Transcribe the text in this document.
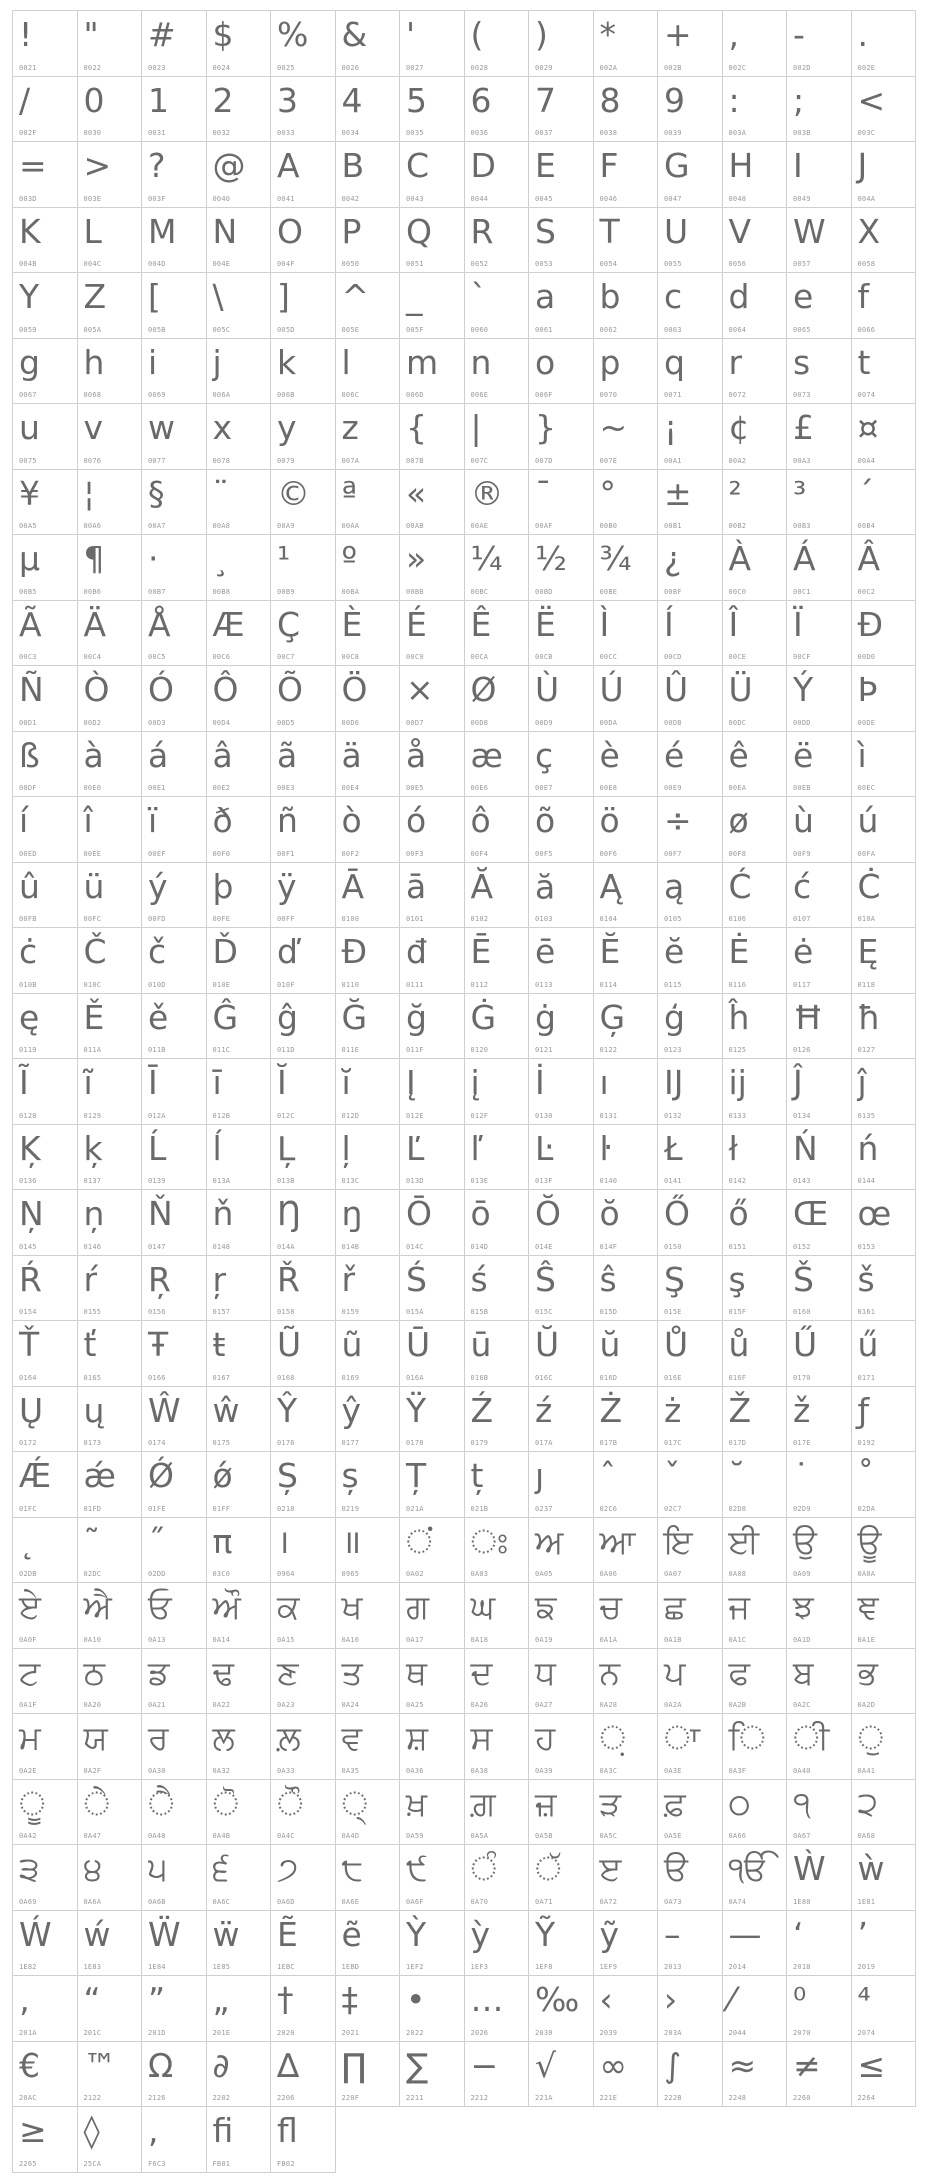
!
0021
"
0022
#
0023
$
0024
%
0025
&
0026
'
0027
(
0028
)
0029
*
002A
+
002B
,
002C
-
002D
.
002E
/
002F
0
0030
1
0031
2
0032
3
0033
4
0034
5
0035
6
0036
7
0037
8
0038
9
0039
:
003A
;
003B
<
003C
=
003D
>
003E
?
003F
@
0040
A
0041
B
0042
C
0043
D
0044
E
0045
F
0046
G
0047
H
0048
I
0049
J
004A
K
004B
L
004C
M
004D
N
004E
O
004F
P
0050
Q
0051
R
0052
S
0053
T
0054
U
0055
V
0056
W
0057
X
0058
Y
0059
Z
005A
[
005B
\
005C
]
005D
^
005E
_
005F
`
0060
a
0061
b
0062
c
0063
d
0064
e
0065
f
0066
g
0067
h
0068
i
0069
j
006A
k
006B
l
006C
m
006D
n
006E
o
006F
p
0070
q
0071
r
0072
s
0073
t
0074
u
0075
v
0076
w
0077
x
0078
y
0079
z
007A
{
007B
|
007C
}
007D
~
007E
¡
00A1
¢
00A2
£
00A3
¤
00A4
¥
00A5
¦
00A6
§
00A7
¨
00A8
©
00A9
ª
00AA
«
00AB
®
00AE
¯
00AF
°
00B0
±
00B1
²
00B2
³
00B3
´
00B4
µ
00B5
¶
00B6
·
00B7
¸
00B8
¹
00B9
º
00BA
»
00BB
¼
00BC
½
00BD
¾
00BE
¿
00BF
À
00C0
Á
00C1
Â
00C2
Ã
00C3
Ä
00C4
Å
00C5
Æ
00C6
Ç
00C7
È
00C8
É
00C9
Ê
00CA
Ë
00CB
Ì
00CC
Í
00CD
Î
00CE
Ï
00CF
Ð
00D0
Ñ
00D1
Ò
00D2
Ó
00D3
Ô
00D4
Õ
00D5
Ö
00D6
×
00D7
Ø
00D8
Ù
00D9
Ú
00DA
Û
00DB
Ü
00DC
Ý
00DD
Þ
00DE
ß
00DF
à
00E0
á
00E1
â
00E2
ã
00E3
ä
00E4
å
00E5
æ
00E6
ç
00E7
è
00E8
é
00E9
ê
00EA
ë
00EB
ì
00EC
í
00ED
î
00EE
ï
00EF
ð
00F0
ñ
00F1
ò
00F2
ó
00F3
ô
00F4
õ
00F5
ö
00F6
÷
00F7
ø
00F8
ù
00F9
ú
00FA
û
00FB
ü
00FC
ý
00FD
þ
00FE
ÿ
00FF
Ā
0100
ā
0101
Ă
0102
ă
0103
Ą
0104
ą
0105
Ć
0106
ć
0107
Ċ
010A
ċ
010B
Č
010C
č
010D
Ď
010E
ď
010F
Đ
0110
đ
0111
Ē
0112
ē
0113
Ĕ
0114
ĕ
0115
Ė
0116
ė
0117
Ę
0118
ę
0119
Ě
011A
ě
011B
Ĝ
011C
ĝ
011D
Ğ
011E
ğ
011F
Ġ
0120
ġ
0121
Ģ
0122
ģ
0123
ĥ
0125
Ħ
0126
ħ
0127
Ĩ
0128
ĩ
0129
Ī
012A
ī
012B
Ĭ
012C
ĭ
012D
Į
012E
į
012F
İ
0130
ı
0131
Ĳ
0132
ĳ
0133
Ĵ
0134
ĵ
0135
Ķ
0136
ķ
0137
Ĺ
0139
ĺ
013A
Ļ
013B
ļ
013C
Ľ
013D
ľ
013E
Ŀ
013F
ŀ
0140
Ł
0141
ł
0142
Ń
0143
ń
0144
Ņ
0145
ņ
0146
Ň
0147
ň
0148
Ŋ
014A
ŋ
014B
Ō
014C
ō
014D
Ŏ
014E
ŏ
014F
Ő
0150
ő
0151
Œ
0152
œ
0153
Ŕ
0154
ŕ
0155
Ŗ
0156
ŗ
0157
Ř
0158
ř
0159
Ś
015A
ś
015B
Ŝ
015C
ŝ
015D
Ş
015E
ş
015F
Š
0160
š
0161
Ť
0164
ť
0165
Ŧ
0166
ŧ
0167
Ũ
0168
ũ
0169
Ū
016A
ū
016B
Ŭ
016C
ŭ
016D
Ů
016E
ů
016F
Ű
0170
ű
0171
Ų
0172
ų
0173
Ŵ
0174
ŵ
0175
Ŷ
0176
ŷ
0177
Ÿ
0178
Ź
0179
ź
017A
Ż
017B
ż
017C
Ž
017D
ž
017E
ƒ
0192
Ǽ
01FC
ǽ
01FD
Ǿ
01FE
ǿ
01FF
Ș
0218
ș
0219
Ț
021A
ț
021B
ȷ
0237
ˆ
02C6
ˇ
02C7
˘
02D8
˙
02D9
˚
02DA
˛
02DB
˜
02DC
˝
02DD
π
03C0
।
0964
॥
0965
ਂ
0A02
ਃ
0A03
ਅ
0A05
ਆ
0A06
ਇ
0A07
ਈ
0A08
ਉ
0A09
ਊ
0A0A
ਏ
0A0F
ਐ
0A10
ਓ
0A13
ਔ
0A14
ਕ
0A15
ਖ
0A16
ਗ
0A17
ਘ
0A18
ਙ
0A19
ਚ
0A1A
ਛ
0A1B
ਜ
0A1C
ਝ
0A1D
ਞ
0A1E
ਟ
0A1F
ਠ
0A20
ਡ
0A21
ਢ
0A22
ਣ
0A23
ਤ
0A24
ਥ
0A25
ਦ
0A26
ਧ
0A27
ਨ
0A28
ਪ
0A2A
ਫ
0A2B
ਬ
0A2C
ਭ
0A2D
ਮ
0A2E
ਯ
0A2F
ਰ
0A30
ਲ
0A32
ਲ਼
0A33
ਵ
0A35
ਸ਼
0A36
ਸ
0A38
ਹ
0A39
਼
0A3C
ਾ
0A3E
ਿ
0A3F
ੀ
0A40
ੁ
0A41
ੂ
0A42
ੇ
0A47
ੈ
0A48
ੋ
0A4B
ੌ
0A4C
੍
0A4D
ਖ਼
0A59
ਗ਼
0A5A
ਜ਼
0A5B
ੜ
0A5C
ਫ਼
0A5E
੦
0A66
੧
0A67
੨
0A68
੩
0A69
੪
0A6A
੫
0A6B
੬
0A6C
੭
0A6D
੮
0A6E
੯
0A6F
ੰ
0A70
ੱ
0A71
ੲ
0A72
ੳ
0A73
ੴ
0A74
Ẁ
1E80
ẁ
1E81
Ẃ
1E82
ẃ
1E83
Ẅ
1E84
ẅ
1E85
Ẽ
1EBC
ẽ
1EBD
Ỳ
1EF2
ỳ
1EF3
Ỹ
1EF8
ỹ
1EF9
–
2013
—
2014
‘
2018
’
2019
‚
201A
“
201C
”
201D
„
201E
†
2020
‡
2021
•
2022
…
2026
‰
2030
‹
2039
›
203A
⁄
2044
⁰
2070
⁴
2074
€
20AC
™
2122
Ω
2126
∂
2202
∆
2206
∏
220F
∑
2211
−
2212
√
221A
∞
221E
∫
222B
≈
2248
≠
2260
≤
2264
≥
2265
◊
25CA
,
F6C3
ﬁ
FB01
ﬂ
FB02
